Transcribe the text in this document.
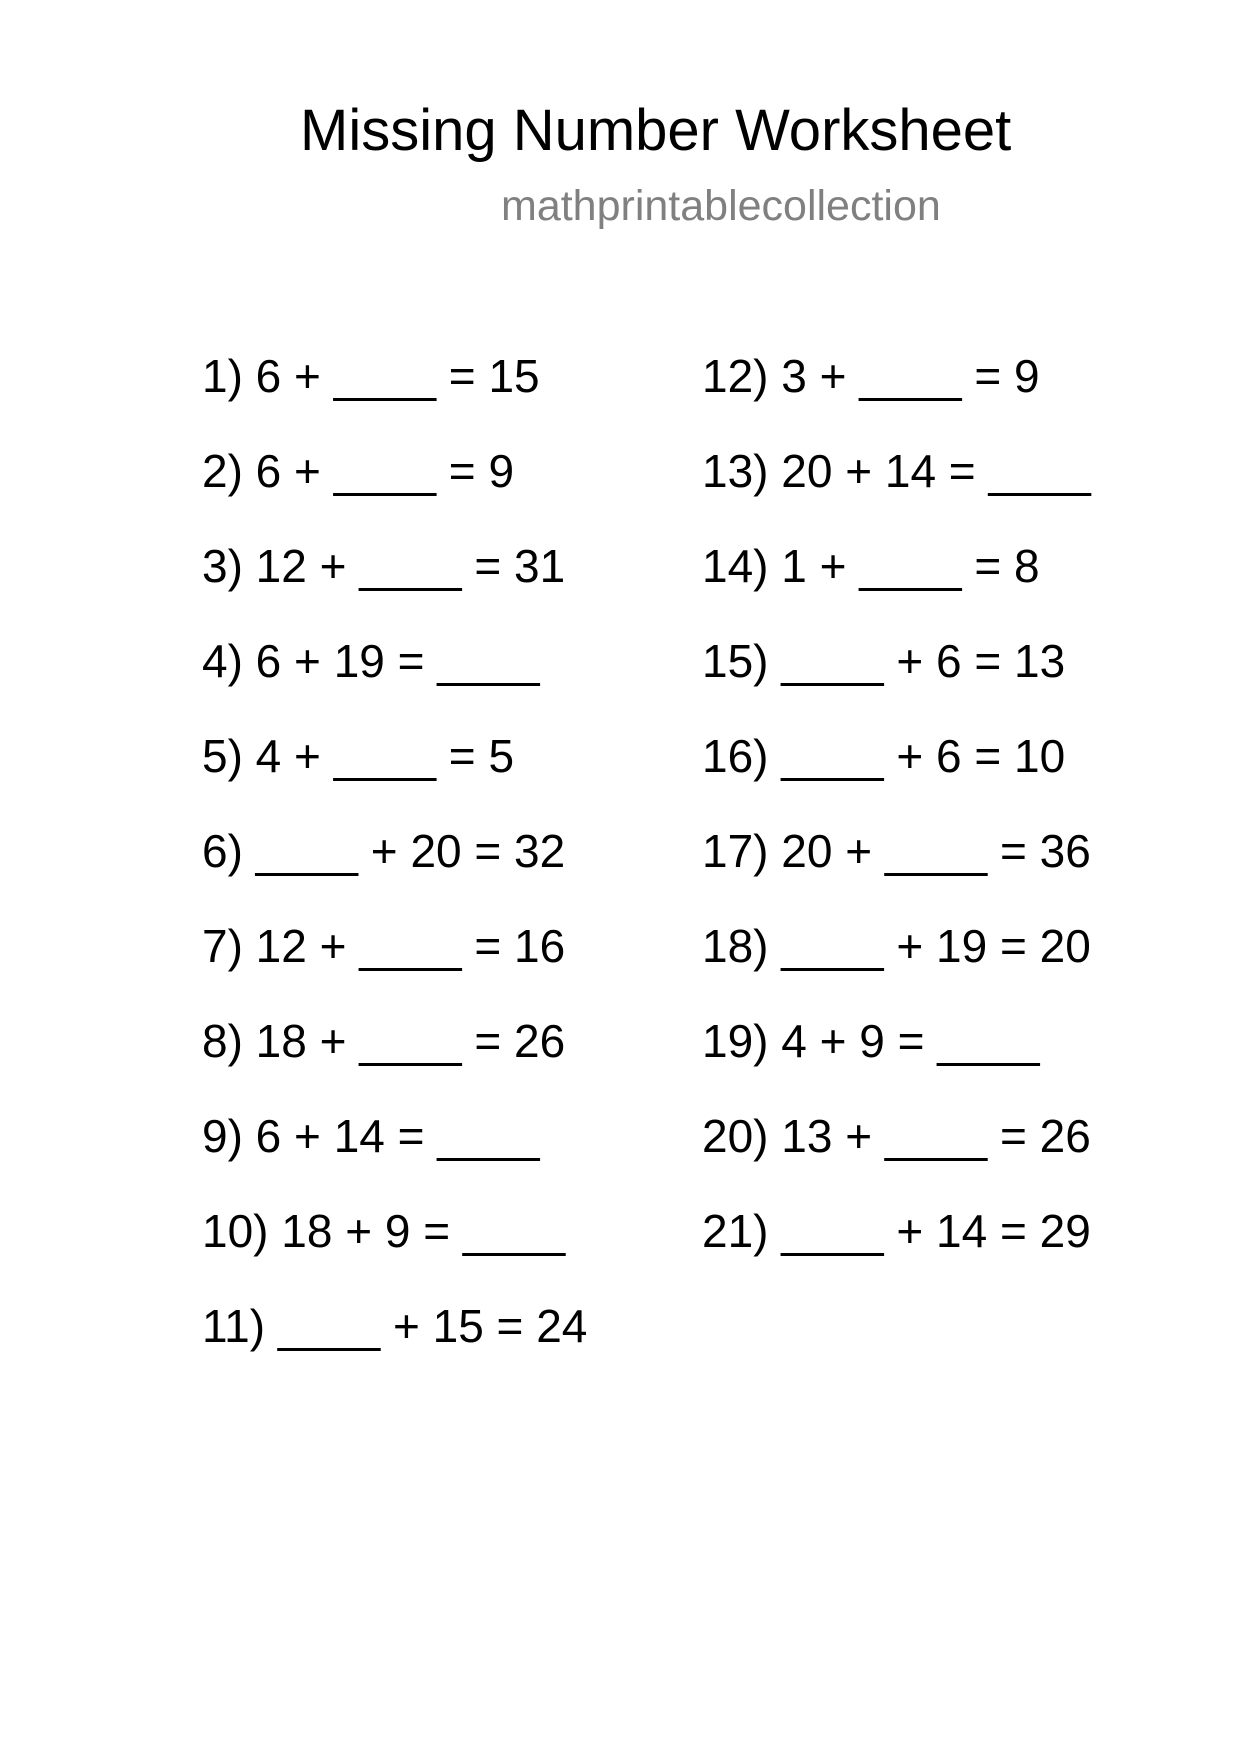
Missing Number Worksheet
mathprintablecollection
1) 6 + ____ = 15
2) 6 + ____ = 9
3) 12 + ____ = 31
4) 6 + 19 = ____
5) 4 + ____ = 5
6) ____ + 20 = 32
7) 12 + ____ = 16
8) 18 + ____ = 26
9) 6 + 14 = ____
10) 18 + 9 = ____
11) ____ + 15 = 24
12) 3 + ____ = 9
13) 20 + 14 = ____
14) 1 + ____ = 8
15) ____ + 6 = 13
16) ____ + 6 = 10
17) 20 + ____ = 36
18) ____ + 19 = 20
19) 4 + 9 = ____
20) 13 + ____ = 26
21) ____ + 14 = 29
